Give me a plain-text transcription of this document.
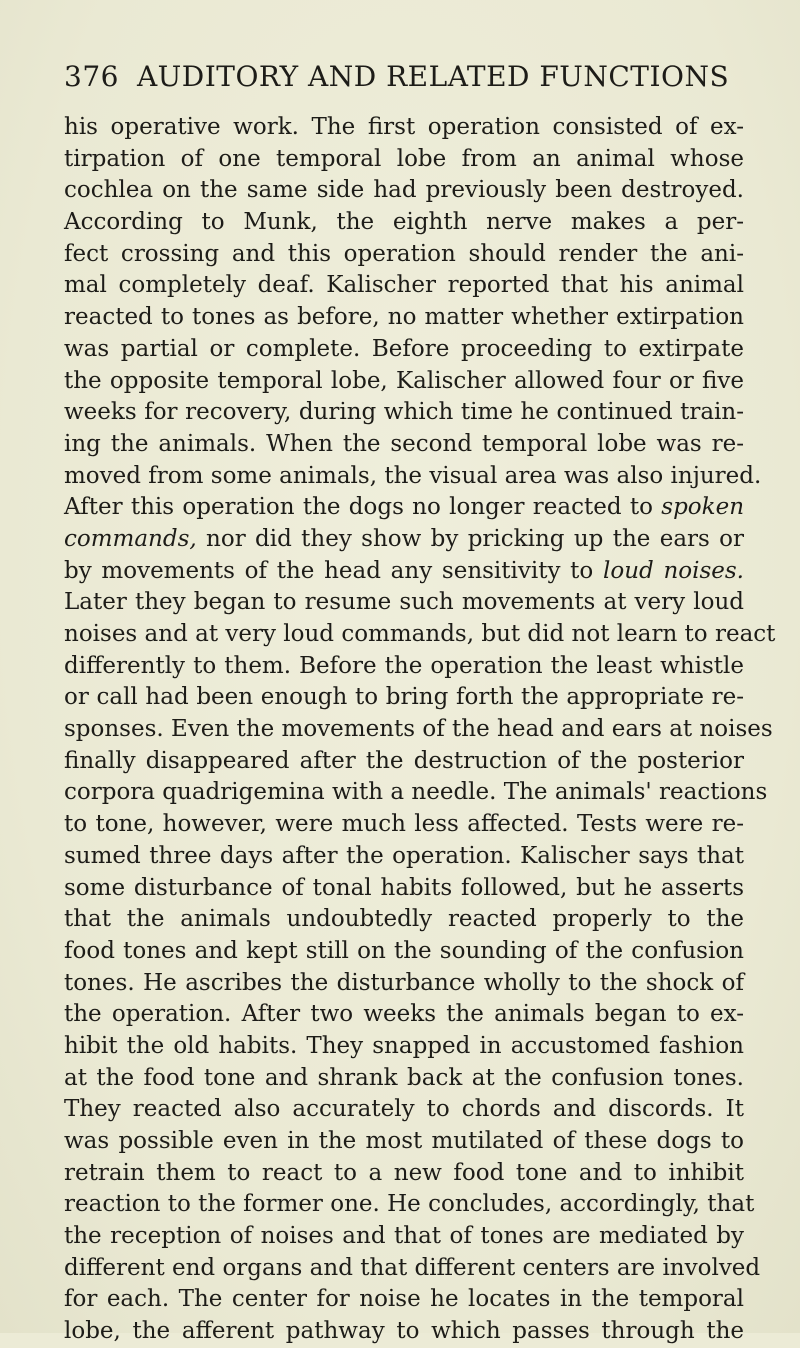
376 AUDITORY AND RELATED FUNCTIONS
his operative work. The first operation consisted of ex-
tirpation of one temporal lobe from an animal whose
cochlea on the same side had previously been destroyed.
According to Munk, the eighth nerve makes a per-
fect crossing and this operation should render the ani-
mal completely deaf. Kalischer reported that his animal
reacted to tones as before, no matter whether extirpation
was partial or complete. Before proceeding to extirpate
the opposite temporal lobe, Kalischer allowed four or five
weeks for recovery, during which time he continued train-
ing the animals. When the second temporal lobe was re-
moved from some animals, the visual area was also injured.
After this operation the dogs no longer reacted to spoken
commands, nor did they show by pricking up the ears or
by movements of the head any sensitivity to loud noises.
Later they began to resume such movements at very loud
noises and at very loud commands, but did not learn to react
differently to them. Before the operation the least whistle
or call had been enough to bring forth the appropriate re-
sponses. Even the movements of the head and ears at noises
finally disappeared after the destruction of the posterior
corpora quadrigemina with a needle. The animals' reactions
to tone, however, were much less affected. Tests were re-
sumed three days after the operation. Kalischer says that
some disturbance of tonal habits followed, but he asserts
that the animals undoubtedly reacted properly to the
food tones and kept still on the sounding of the confusion
tones. He ascribes the disturbance wholly to the shock of
the operation. After two weeks the animals began to ex-
hibit the old habits. They snapped in accustomed fashion
at the food tone and shrank back at the confusion tones.
They reacted also accurately to chords and discords. It
was possible even in the most mutilated of these dogs to
retrain them to react to a new food tone and to inhibit
reaction to the former one. He concludes, accordingly, that
the reception of noises and that of tones are mediated by
different end organs and that different centers are involved
for each. The center for noise he locates in the temporal
lobe, the afferent pathway to which passes through the
